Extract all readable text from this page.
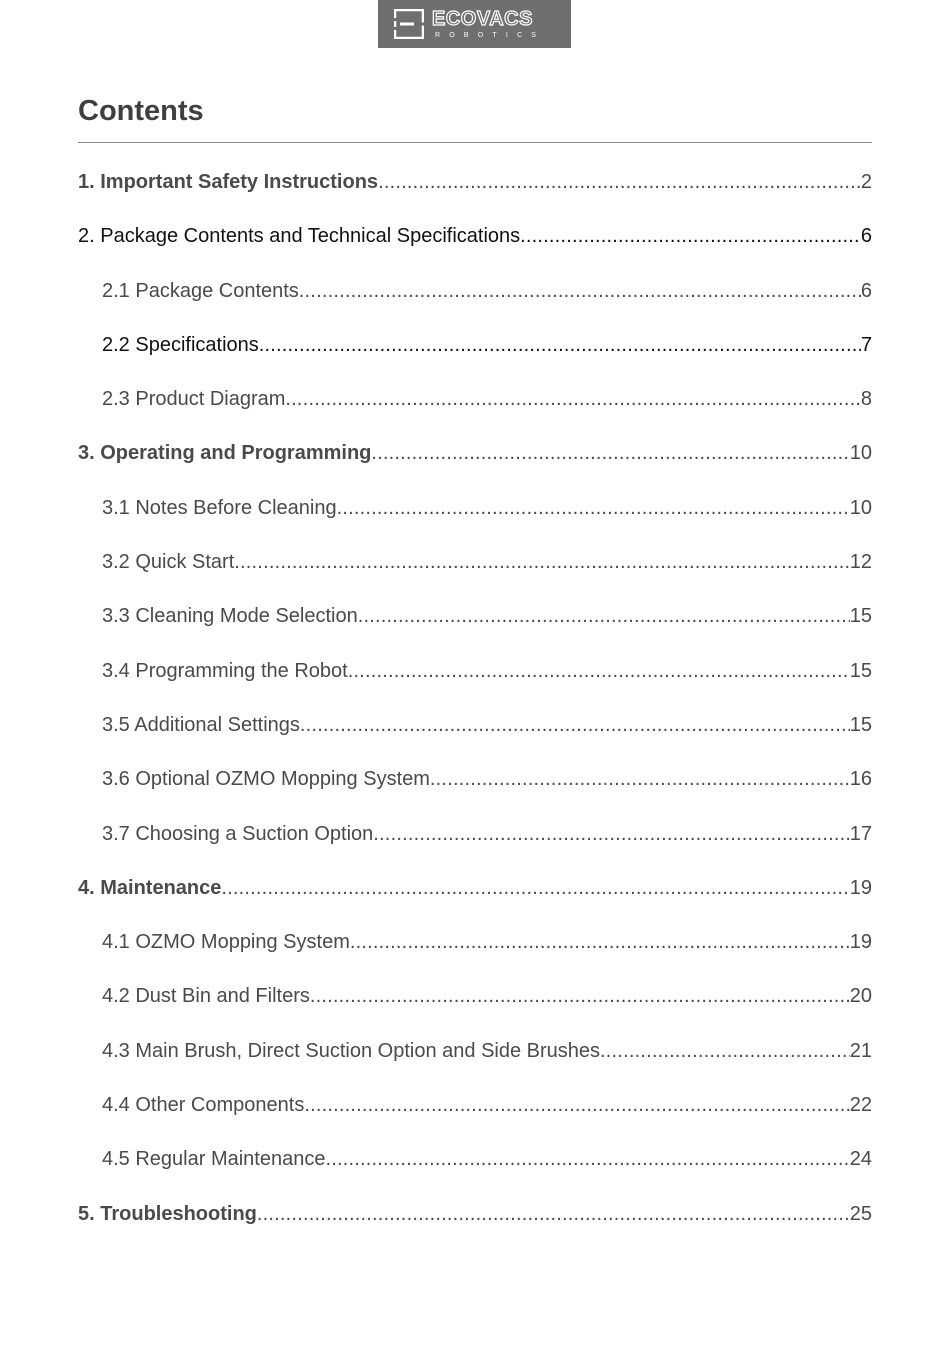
ECOVACS
ROBOTICS
Contents
1. Important Safety Instructions .....	2
2. Package Contents and Technical Specifications .....	6
2.1 Package Contents .....	6
2.2 Specifications .....	7
2.3 Product Diagram .....	8
3. Operating and Programming .....	10
3.1 Notes Before Cleaning .....	10
3.2 Quick Start .....	12
3.3 Cleaning Mode Selection .....	15
3.4 Programming the Robot .....	15
3.5 Additional Settings .....	15
3.6 Optional OZMO Mopping System .....	16
3.7 Choosing a Suction Option .....	17
4. Maintenance .....	19
4.1 OZMO Mopping System .....	19
4.2 Dust Bin and Filters .....	20
4.3 Main Brush, Direct Suction Option and Side Brushes .....	21
4.4 Other Components .....	22
4.5 Regular Maintenance .....	24
5. Troubleshooting .....	25
